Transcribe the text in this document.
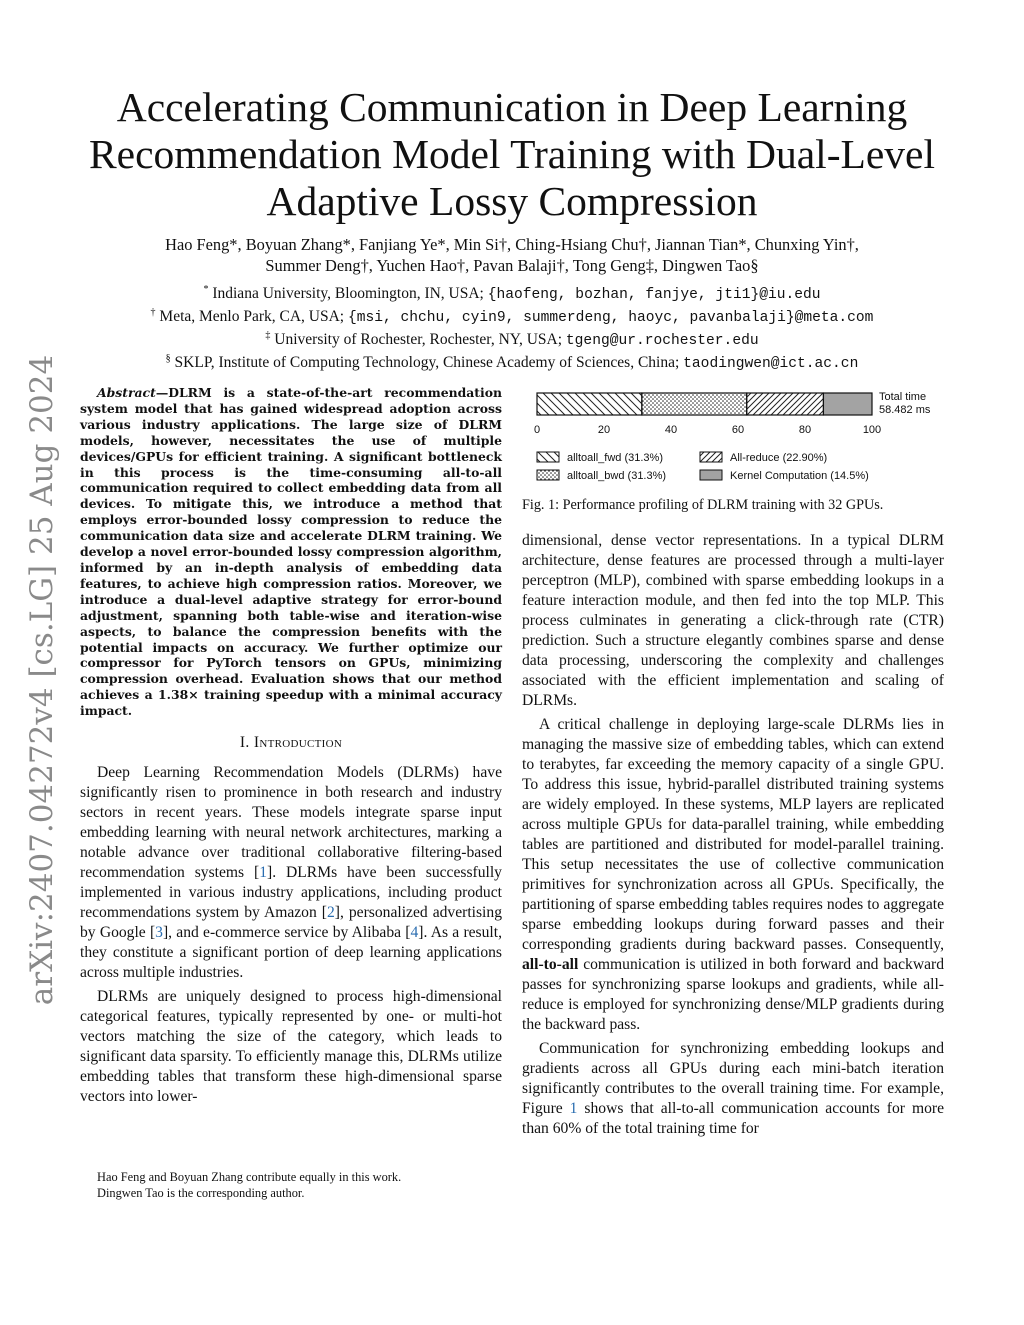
arXiv:2407.04272v4 [cs.LG] 25 Aug 2024
Accelerating Communication in Deep Learning
Recommendation Model Training with Dual-Level
Adaptive Lossy Compression
Hao Feng*, Boyuan Zhang*, Fanjiang Ye*, Min Si†, Ching-Hsiang Chu†, Jiannan Tian*, Chunxing Yin†,
Summer Deng†, Yuchen Hao†, Pavan Balaji†, Tong Geng‡, Dingwen Tao§
* Indiana University, Bloomington, IN, USA; {haofeng, bozhan, fanjye, jti1}@iu.edu
† Meta, Menlo Park, CA, USA; {msi, chchu, cyin9, summerdeng, haoyc, pavanbalaji}@meta.com
‡ University of Rochester, Rochester, NY, USA; tgeng@ur.rochester.edu
§ SKLP, Institute of Computing Technology, Chinese Academy of Sciences, China; taodingwen@ict.ac.cn

Abstract—DLRM is a state-of-the-art recommendation system model that has gained widespread adoption across various industry applications. The large size of DLRM models, however, necessitates the use of multiple devices/GPUs for efficient training. A significant bottleneck in this process is the time-consuming all-to-all communication required to collect embedding data from all devices. To mitigate this, we introduce a method that employs error-bounded lossy compression to reduce the communication data size and accelerate DLRM training. We develop a novel error-bounded lossy compression algorithm, informed by an in-depth analysis of embedding data features, to achieve high compression ratios. Moreover, we introduce a dual-level adaptive strategy for error-bound adjustment, spanning both table-wise and iteration-wise aspects, to balance the compression benefits with the potential impacts on accuracy. We further optimize our compressor for PyTorch tensors on GPUs, minimizing compression overhead. Evaluation shows that our method achieves a 1.38× training speedup with a minimal accuracy impact.

I. Introduction

Deep Learning Recommendation Models (DLRMs) have significantly risen to prominence in both research and industry sectors in recent years. These models integrate sparse input embedding learning with neural network architectures, marking a notable advance over traditional collaborative filtering-based recommendation systems [1]. DLRMs have been successfully implemented in various industry applications, including product recommendations system by Amazon [2], personalized advertising by Google [3], and e-commerce service by Alibaba [4]. As a result, they constitute a significant portion of deep learning applications across multiple industries.

DLRMs are uniquely designed to process high-dimensional categorical features, typically represented by one- or multi-hot vectors matching the size of the category, which leads to significant data sparsity. To efficiently manage this, DLRMs utilize embedding tables that transform these high-dimensional sparse vectors into lower-

Hao Feng and Boyuan Zhang contribute equally in this work.
Dingwen Tao is the corresponding author.
0	20	40	60	80	100
Total time
58.482 ms
alltoall_fwd (31.3%)
alltoall_bwd (31.3%)
All-reduce (22.90%)
Kernel Computation (14.5%)
Fig. 1: Performance profiling of DLRM training with 32 GPUs.

dimensional, dense vector representations. In a typical DLRM architecture, dense features are processed through a multi-layer perceptron (MLP), combined with sparse embedding lookups in a feature interaction module, and then fed into the top MLP. This process culminates in generating a click-through rate (CTR) prediction. Such a structure elegantly combines sparse and dense data processing, underscoring the complexity and challenges associated with the efficient implementation and scaling of DLRMs.

A critical challenge in deploying large-scale DLRMs lies in managing the massive size of embedding tables, which can extend to terabytes, far exceeding the memory capacity of a single GPU. To address this issue, hybrid-parallel distributed training systems are widely employed. In these systems, MLP layers are replicated across multiple GPUs for data-parallel training, while embedding tables are partitioned and distributed for model-parallel training. This setup necessitates the use of collective communication primitives for synchronization across all GPUs. Specifically, the partitioning of sparse embedding tables requires nodes to aggregate sparse embedding lookups during forward passes and their corresponding gradients during backward passes. Consequently, all-to-all communication is utilized in both forward and backward passes for synchronizing sparse lookups and gradients, while all-reduce is employed for synchronizing dense/MLP gradients during the backward pass.

Communication for synchronizing embedding lookups and gradients across all GPUs during each mini-batch iteration significantly contributes to the overall training time. For example, Figure 1 shows that all-to-all communication accounts for more than 60% of the total training time for
